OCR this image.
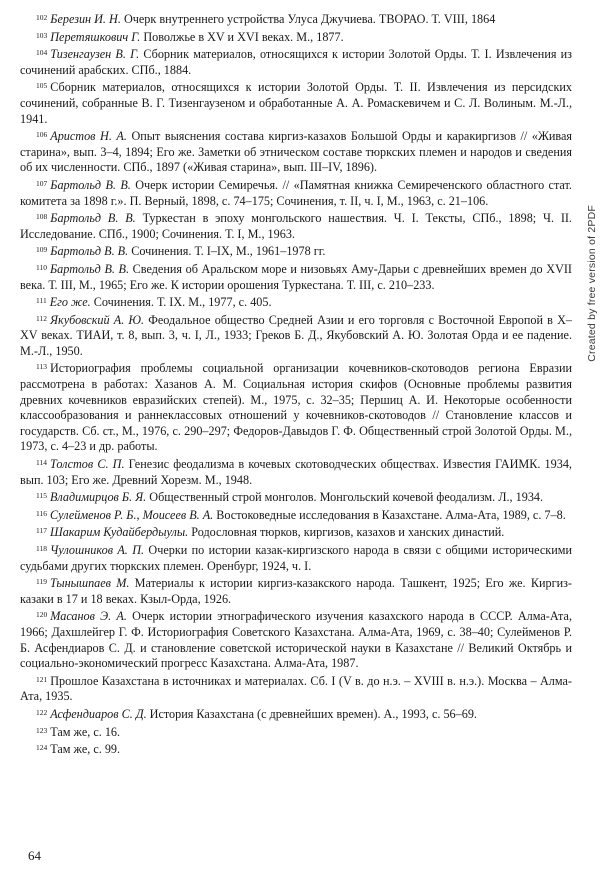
$^{102}$ Березин И. Н. Очерк внутреннего устройства Улуса Джучиева. ТВОРАО. Т. VIII, 1864

$^{103}$ Перетяшкович Г. Поволжье в XV и XVI веках. М., 1877.

$^{104}$ Тизенгаузен В. Г. Сборник материалов, относящихся к истории Золотой Орды. Т. I. Извлечения из сочинений арабских. СПб., 1884.

$^{105}$ Сборник материалов, относящихся к истории Золотой Орды. Т. II. Извлечения из персидских сочинений, собранные В. Г. Тизенгаузеном и обработанные А. А. Ромаскевичем и С. Л. Волиным. М.-Л., 1941.

$^{106}$ Аристов Н. А. Опыт выяснения состава киргиз-казахов Большой Орды и каракиргизов // «Живая старина», вып. 3–4, 1894; Его же. Заметки об этническом составе тюркских племен и народов и сведения об их численности. СПб., 1897 («Живая старина», вып. III–IV, 1896).

$^{107}$ Бартольд В. В. Очерк истории Семиречья. // «Памятная книжка Семиреченского областного стат. комитета за 1898 г.». П. Верный, 1898, с. 74–175; Сочинения, т. II, ч. I, М., 1963, с. 21–106.

$^{108}$ Бартольд В. В. Туркестан в эпоху монгольского нашествия. Ч. I. Тексты, СПб., 1898; Ч. II. Исследование. СПб., 1900; Сочинения. Т. I, М., 1963.

$^{109}$ Бартольд В. В. Сочинения. Т. I–IX, М., 1961–1978 гг.

$^{110}$ Бартольд В. В. Сведения об Аральском море и низовьях Аму-Дарьи с древнейших времен до XVII века. Т. III, М., 1965; Его же. К истории орошения Туркестана. Т. III, с. 210–233.

$^{111}$ Его же. Сочинения. Т. IX. М., 1977, с. 405.

$^{112}$ Якубовский А. Ю. Феодальное общество Средней Азии и его торговля с Восточной Европой в X–XV веках. ТИАИ, т. 8, вып. 3, ч. I, Л., 1933; Греков Б. Д., Якубовский А. Ю. Золотая Орда и ее падение. М.-Л., 1950.

$^{113}$ Историография проблемы социальной организации кочевников-скотоводов региона Евразии рассмотрена в работах: Хазанов А. М. Социальная история скифов (Основные проблемы развития древних кочевников евразийских степей). М., 1975, с. 32–35; Першиц А. И. Некоторые особенности классообразования и раннеклассовых отношений у кочевников-скотоводов // Становление классов и государств. Сб. ст., М., 1976, с. 290–297; Федоров-Давыдов Г. Ф. Общественный строй Золотой Орды. М., 1973, с. 4–23 и др. работы.

$^{114}$ Толстов С. П. Генезис феодализма в кочевых скотоводческих обществах. Известия ГАИМК. 1934, вып. 103; Его же. Древний Хорезм. М., 1948.

$^{115}$ Владимирцов Б. Я. Общественный строй монголов. Монгольский кочевой феодализм. Л., 1934.

$^{116}$ Сулейменов Р. Б., Моисеев В. А. Востоковедные исследования в Казахстане. Алма-Ата, 1989, с. 7–8.

$^{117}$ Шакарим Кудайбердыулы. Родословная тюрков, киргизов, казахов и ханских династий.

$^{118}$ Чулошников А. П. Очерки по истории казак-киргизского народа в связи с общими историческими судьбами других тюркских племен. Оренбург, 1924, ч. I.

$^{119}$ Тынышпаев М. Материалы к истории киргиз-казакского народа. Ташкент, 1925; Его же. Киргиз-казаки в 17 и 18 веках. Кзыл-Орда, 1926.

$^{120}$ Масанов Э. А. Очерк истории этнографического изучения казахского народа в СССР. Алма-Ата, 1966; Дахшлейгер Г. Ф. Историография Советского Казахстана. Алма-Ата, 1969, с. 38–40; Сулейменов Р. Б. Асфендиаров С. Д. и становление советской исторической науки в Казахстане // Великий Октябрь и социально-экономический прогресс Казахстана. Алма-Ата, 1987.

$^{121}$ Прошлое Казахстана в источниках и материалах. Сб. I (V в. до н.э. – XVIII в. н.э.). Москва – Алма-Ата, 1935.

$^{122}$ Асфендиаров С. Д. История Казахстана (с древнейших времен). А., 1993, с. 56–69.

$^{123}$ Там же, с. 16.

$^{124}$ Там же, с. 99.

64
Created by free version of 2PDF
